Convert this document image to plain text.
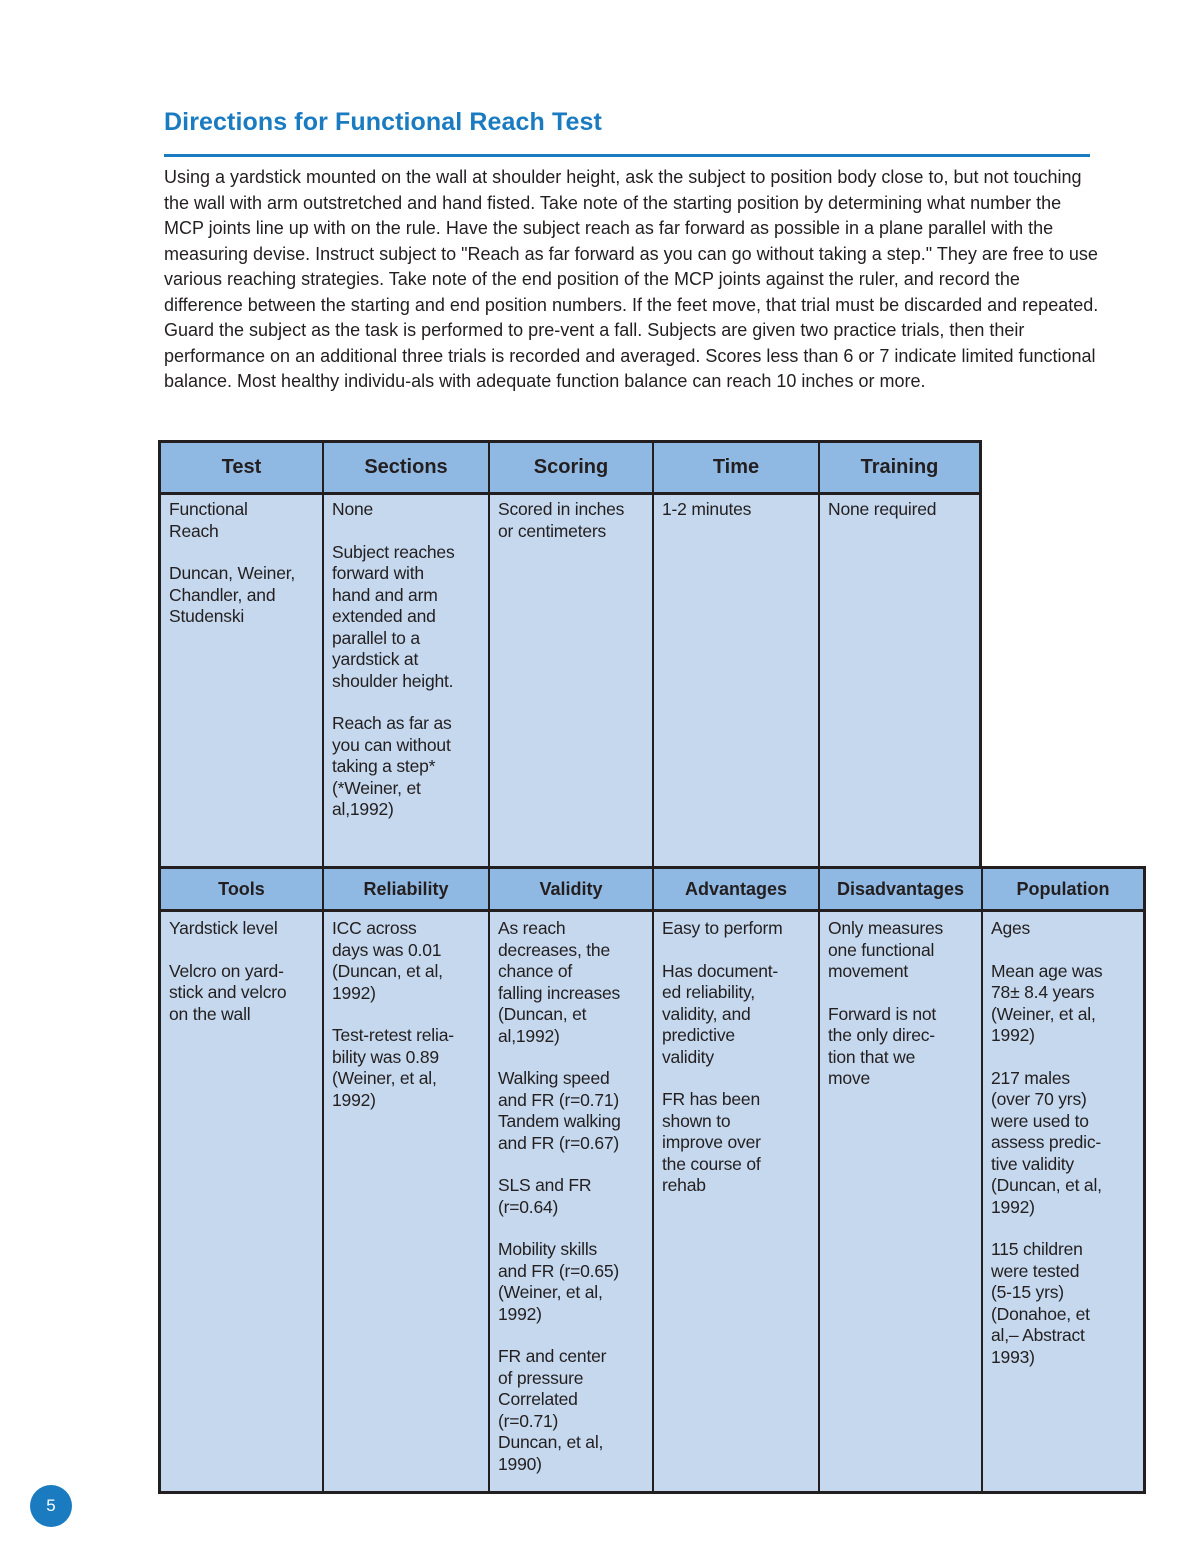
Directions for Functional Reach Test

Using a yardstick mounted on the wall at shoulder height, ask the subject to position body close to, but not touching the wall with arm outstretched and hand fisted. Take note of the starting position by determining what number the MCP joints line up with on the rule. Have the subject reach as far forward as possible in a plane parallel with the measuring devise. Instruct subject to "Reach as far forward as you can go without taking a step." They are free to use various reaching strategies. Take note of the end position of the MCP joints against the ruler, and record the difference between the starting and end position numbers. If the feet move, that trial must be discarded and repeated. Guard the subject as the task is performed to pre-vent a fall. Subjects are given two practice trials, then their performance on an additional three trials is recorded and averaged. Scores less than 6 or 7 indicate limited functional balance. Most healthy individu-als with adequate function balance can reach 10 inches or more.

Test

Functional
Reach

Duncan, Weiner,
Chandler, and
Studenski

Sections

None

Subject reaches
forward with
hand and arm
extended and
parallel to a
yardstick at
shoulder height.

Reach as far as
you can without
taking a step*
(*Weiner, et
al,1992)

Scoring

Scored in inches
or centimeters

Time

1-2 minutes

Training

None required

Tools

Yardstick level

Velcro on yard-
stick and velcro
on the wall

Reliability

ICC across
days was 0.01
(Duncan, et al,
1992)

Test-retest relia-
bility was 0.89
(Weiner, et al,
1992)

Validity

As reach
decreases, the
chance of
falling increases
(Duncan, et
al,1992)

Walking speed
and FR (r=0.71)
Tandem walking
and FR (r=0.67)

SLS and FR
(r=0.64)

Mobility skills
and FR (r=0.65)
(Weiner, et al,
1992)

FR and center
of pressure
Correlated
(r=0.71)
Duncan, et al,
1990)

Advantages

Easy to perform

Has document-
ed reliability,
validity, and
predictive
validity

FR has been
shown to
improve over
the course of
rehab

Disadvantages

Only measures
one functional
movement

Forward is not
the only direc-
tion that we
move

Population

Ages

Mean age was
78± 8.4 years
(Weiner, et al,
1992)

217 males
(over 70 yrs)
were used to
assess predic-
tive validity
(Duncan, et al,
1992)

115 children
were tested
(5-15 yrs)
(Donahoe, et
al,– Abstract
1993)

5
